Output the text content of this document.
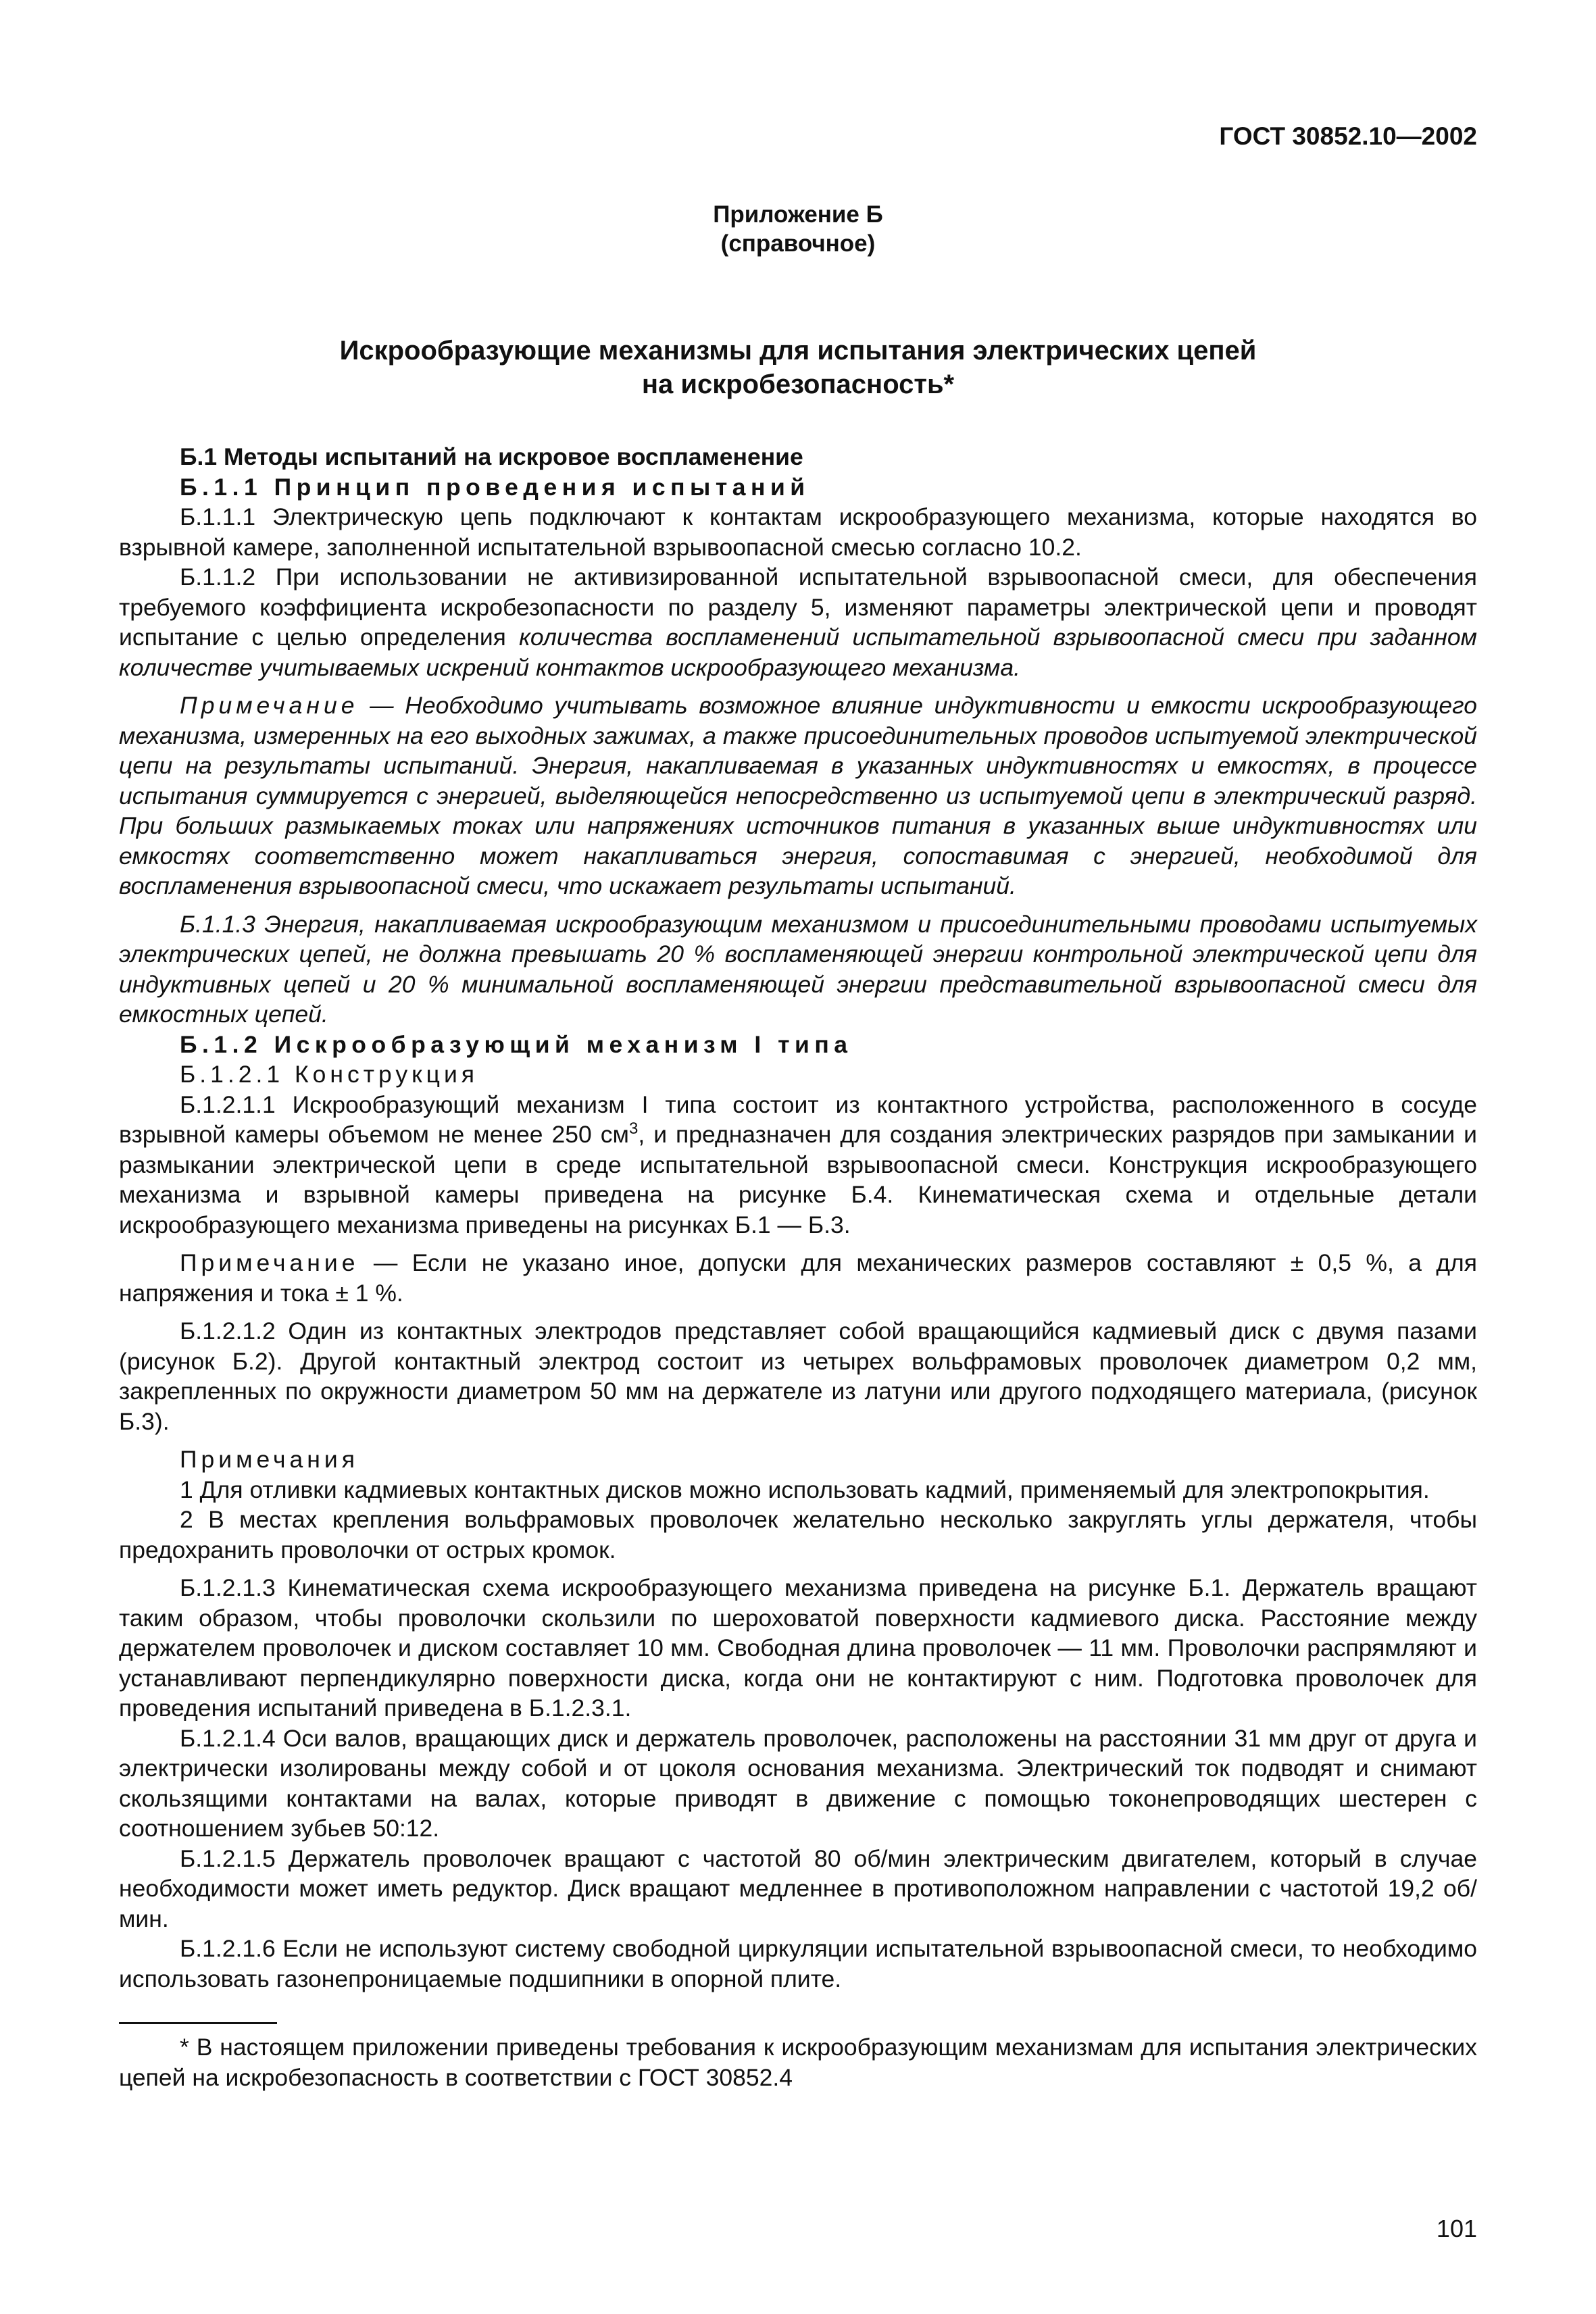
ГОСТ 30852.10—2002
Приложение Б
(справочное)
Искрообразующие механизмы для испытания электрических цепей
на искробезопасность*
Б.1 Методы испытаний на искровое воспламенение
Б.1.1 Принцип проведения испытаний

Б.1.1.1 Электрическую цепь подключают к контактам искрообразующего механизма, которые находятся во взрывной камере, заполненной испытательной взрывоопасной смесью согласно 10.2.

Б.1.1.2 При использовании не активизированной испытательной взрывоопасной смеси, для обеспечения требуемого коэффициента искробезопасности по разделу 5, изменяют параметры электрической цепи и проводят испытание с целью определения количества воспламенений испытательной взрывоопасной смеси при заданном количестве учитываемых искрений контактов искрообразующего механизма.

Примечание — Необходимо учитывать возможное влияние индуктивности и емкости искрообразующего механизма, измеренных на его выходных зажимах, а также присоединительных проводов испытуемой электрической цепи на результаты испытаний. Энергия, накапливаемая в указанных индуктивностях и емкостях, в процессе испытания суммируется с энергией, выделяющейся непосредственно из испытуемой цепи в электрический разряд. При больших размыкаемых токах или напряжениях источников питания в указанных выше индуктивностях или емкостях соответственно может накапливаться энергия, сопоставимая с энергией, необходимой для воспламенения взрывоопасной смеси, что искажает результаты испытаний.

Б.1.1.3 Энергия, накапливаемая искрообразующим механизмом и присоединительными проводами испытуемых электрических цепей, не должна превышать 20 % воспламеняющей энергии контрольной электрической цепи для индуктивных цепей и 20 % минимальной воспламеняющей энергии представительной взрывоопасной смеси для емкостных цепей.

Б.1.2 Искрообразующий механизм I типа

Б.1.2.1 Конструкция

Б.1.2.1.1 Искрообразующий механизм I типа состоит из контактного устройства, расположенного в сосуде взрывной камеры объемом не менее 250 $см^3$, и предназначен для создания электрических разрядов при замыкании и размыкании электрической цепи в среде испытательной взрывоопасной смеси. Конструкция искрообразующего механизма и взрывной камеры приведена на рисунке Б.4. Кинематическая схема и отдельные детали искрообразующего механизма приведены на рисунках Б.1 — Б.3.

Примечание — Если не указано иное, допуски для механических размеров составляют ± 0,5 %, а для напряжения и тока ± 1 %.

Б.1.2.1.2 Один из контактных электродов представляет собой вращающийся кадмиевый диск с двумя пазами (рисунок Б.2). Другой контактный электрод состоит из четырех вольфрамовых проволочек диаметром 0,2 мм, закрепленных по окружности диаметром 50 мм на держателе из латуни или другого подходящего материала, (рисунок Б.3).

Примечания

1 Для отливки кадмиевых контактных дисков можно использовать кадмий, применяемый для электропокрытия.

2 В местах крепления вольфрамовых проволочек желательно несколько закруглять углы держателя, чтобы предохранить проволочки от острых кромок.

Б.1.2.1.3 Кинематическая схема искрообразующего механизма приведена на рисунке Б.1. Держатель вращают таким образом, чтобы проволочки скользили по шероховатой поверхности кадмиевого диска. Расстояние между держателем проволочек и диском составляет 10 мм. Свободная длина проволочек — 11 мм. Проволочки распрямляют и устанавливают перпендикулярно поверхности диска, когда они не контактируют с ним. Подготовка проволочек для проведения испытаний приведена в Б.1.2.3.1.

Б.1.2.1.4 Оси валов, вращающих диск и держатель проволочек, расположены на расстоянии 31 мм друг от друга и электрически изолированы между собой и от цоколя основания механизма. Электрический ток подводят и снимают скользящими контактами на валах, которые приводят в движение с помощью токонепроводящих шестерен с соотношением зубьев 50:12.

Б.1.2.1.5 Держатель проволочек вращают с частотой 80 об/мин электрическим двигателем, который в случае необходимости может иметь редуктор. Диск вращают медленнее в противоположном направлении с частотой 19,2 об/мин.

Б.1.2.1.6 Если не используют систему свободной циркуляции испытательной взрывоопасной смеси, то необходимо использовать газонепроницаемые подшипники в опорной плите.

* В настоящем приложении приведены требования к искрообразующим механизмам для испытания электрических цепей на искробезопасность в соответствии с ГОСТ 30852.4

101
